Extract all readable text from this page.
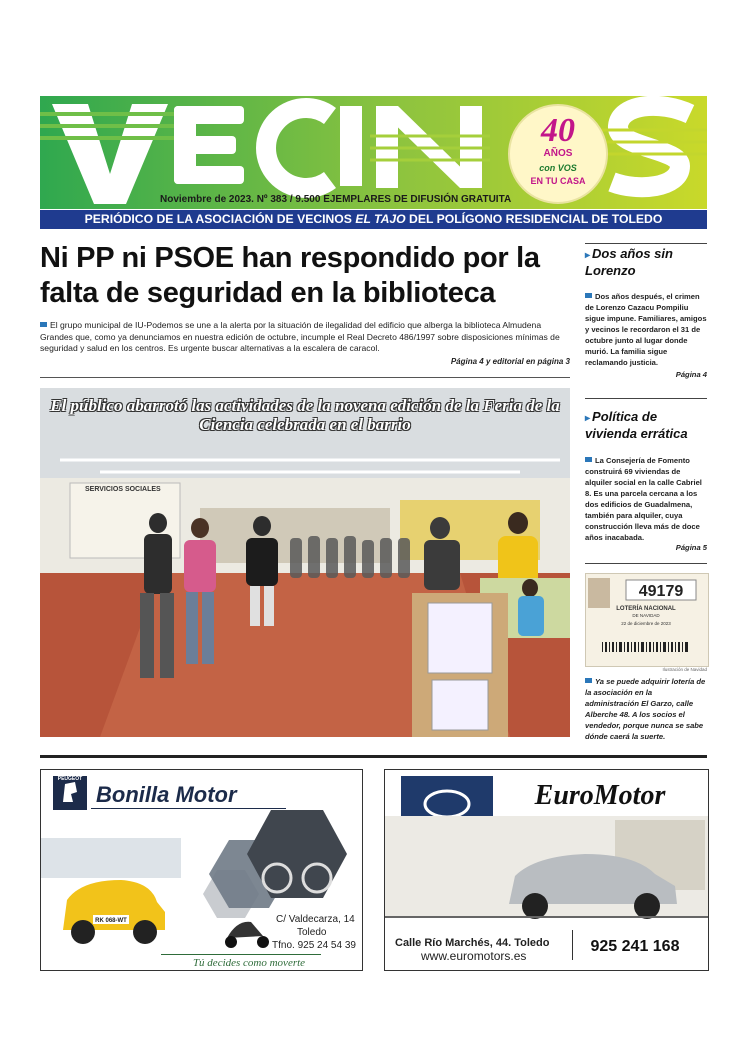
40
AÑOS
con VOS
EN TU CASA
Noviembre de 2023. Nº 383 / 9.500 EJEMPLARES DE DIFUSIÓN GRATUITA
PERIÓDICO DE LA ASOCIACIÓN DE VECINOS EL TAJO DEL POLÍGONO RESIDENCIAL DE TOLEDO
Ni PP ni PSOE han respondido por la falta de seguridad en la biblioteca
El grupo municipal de IU-Podemos se une a la alerta por la situación de ilegalidad del edificio que alberga la biblioteca Almudena Grandes que, como ya denunciamos en nuestra edición de octubre, incumple el Real Decreto 486/1997 sobre disposiciones mínimas de seguridad y salud en los centros. Es urgente buscar alternativas a la escalera de caracol.
Página 4 y editorial en página 3
SERVICIOS SOCIALES
El público abarrotó las actividades de la novena edición de la Feria de la Ciencia celebrada en el barrio
▸ Dos años sin Lorenzo
Dos años después, el crimen de Lorenzo Cazacu Pompiliu sigue impune. Familiares, amigos y vecinos le recordaron el 31 de octubre junto al lugar donde murió. La familia sigue reclamando justicia.
Página 4
▸ Política de vivienda errática
La Consejería de Fomento construirá 69 viviendas de alquiler social en la calle Cabriel 8. Es una parcela cercana a los dos edificios de Guadalmena, también para alquiler, cuya construcción lleva más de doce años inacabada.
Página 5
49179
LOTERÍA NACIONAL
DE NAVIDAD
22 de diciembre de 2023
Ilustración de Navidad
Ya se puede adquirir lotería de la asociación en la administración El Garzo, calle Alberche 48. A los socios el vendedor, porque nunca se sabe dónde caerá la suerte.
PEUGEOT
Bonilla Motor
RK 068-WT	C/ Valdecarza, 14
Toledo
Tfno. 925 24 54 39
Tú decides como moverte
EuroMotor
Calle Río Marchés, 44. Toledo
www.euromotors.es
925 241 168
